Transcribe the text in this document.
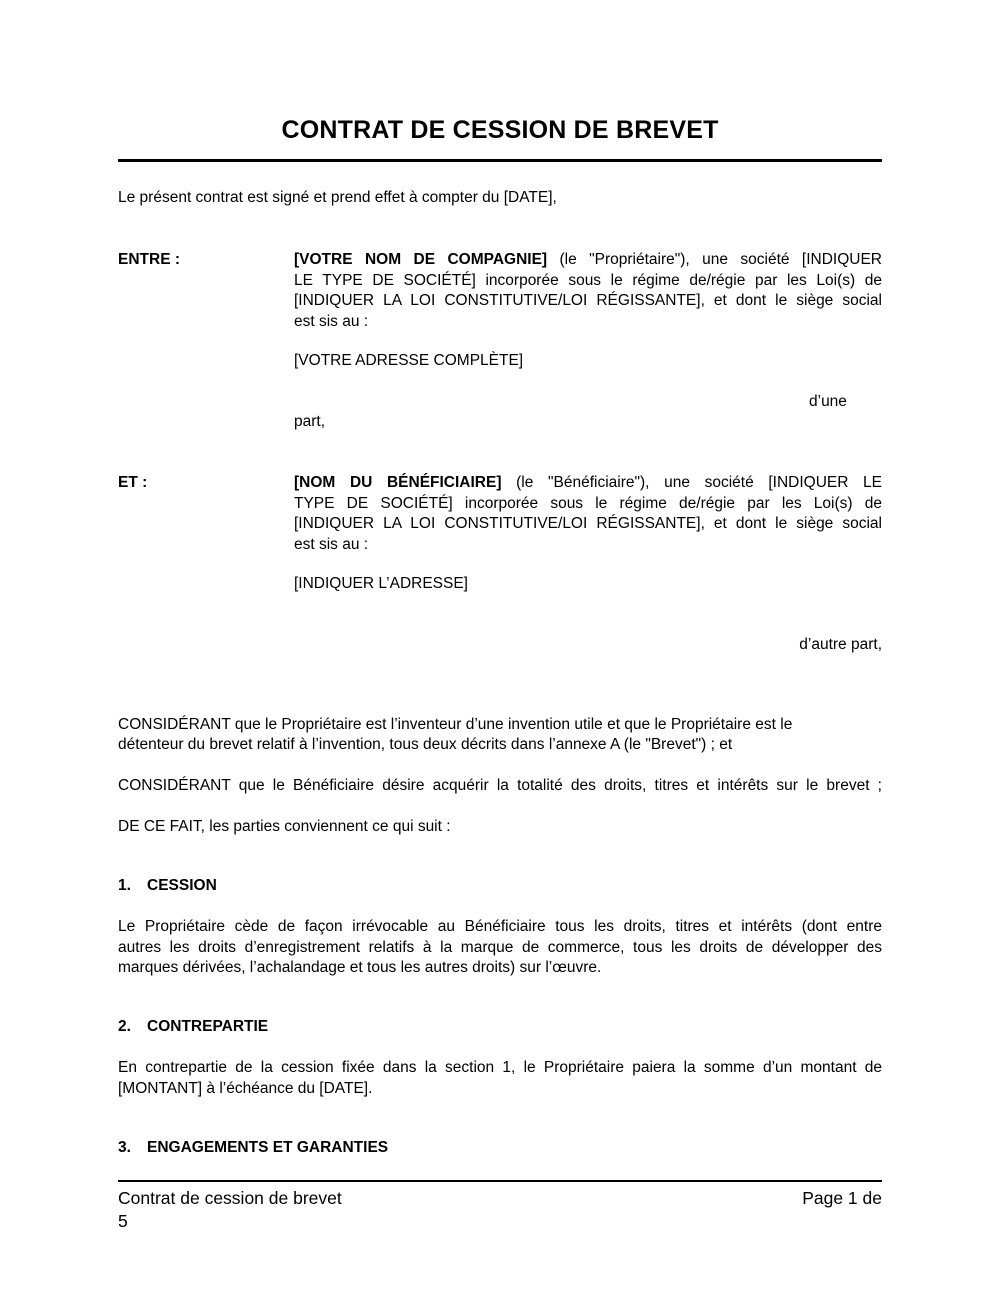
CONTRAT DE CESSION DE BREVET
Le présent contrat est signé et prend effet à compter du [DATE],
ENTRE :	[VOTRE NOM DE COMPAGNIE] (le "Propriétaire"), une société [INDIQUER
LE TYPE DE SOCIÉTÉ] incorporée sous le régime de/régie par les Loi(s) de
[INDIQUER LA LOI CONSTITUTIVE/LOI RÉGISSANTE], et dont le siège social
est sis au :
[VOTRE ADRESSE COMPLÈTE]
d’une
part,
ET :	[NOM DU BÉNÉFICIAIRE] (le "Bénéficiaire"), une société [INDIQUER LE
TYPE DE SOCIÉTÉ] incorporée sous le régime de/régie par les Loi(s) de
[INDIQUER LA LOI CONSTITUTIVE/LOI RÉGISSANTE], et dont le siège social
est sis au :
[INDIQUER L’ADRESSE]
d’autre part,
CONSIDÉRANT que le Propriétaire est l’inventeur d’une invention utile et que le Propriétaire est le
détenteur du brevet relatif à l’invention, tous deux décrits dans l’annexe A (le "Brevet") ; et
CONSIDÉRANT que le Bénéficiaire désire acquérir la totalité des droits, titres et intérêts sur le brevet ;
DE CE FAIT, les parties conviennent ce qui suit :
1. CESSION
Le Propriétaire cède de façon irrévocable au Bénéficiaire tous les droits, titres et intérêts (dont entre
autres les droits d’enregistrement relatifs à la marque de commerce, tous les droits de développer des
marques dérivées, l’achalandage et tous les autres droits) sur l’œuvre.
2. CONTREPARTIE
En contrepartie de la cession fixée dans la section 1, le Propriétaire paiera la somme d’un montant de
[MONTANT] à l’échéance du [DATE].
3. ENGAGEMENTS ET GARANTIES
Contrat de cession de brevet	Page 1 de
5
